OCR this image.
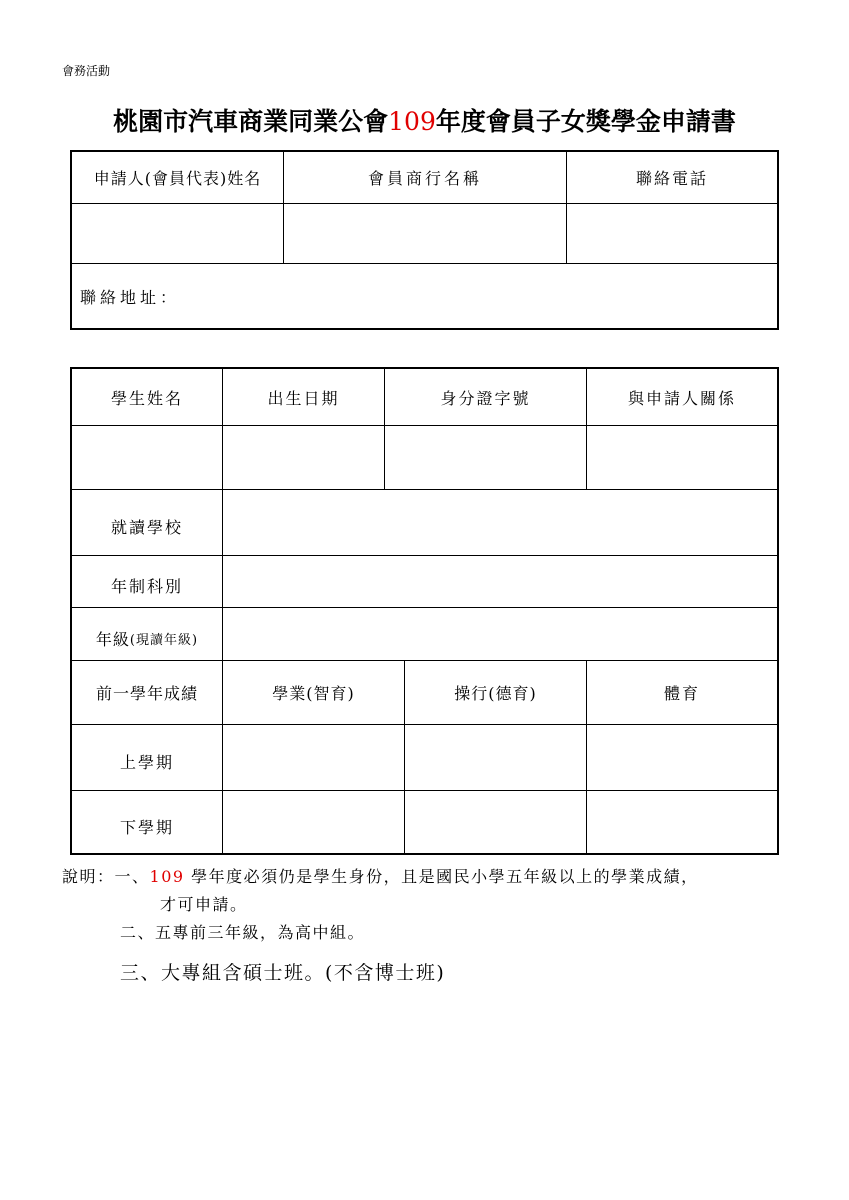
會務活動
桃園市汽車商業同業公會109年度會員子女獎學金申請書
申請人(會員代表)姓名	會員商行名稱	聯絡電話
聯絡地址：
學生姓名	出生日期	身分證字號	與申請人關係
就讀學校
年制科別
年級 (現讀年級)
前一學年成績	學業(智育)	操行(德育)	體育
上學期
下學期
說明：一、109 學年度必須仍是學生身份，且是國民小學五年級以上的學業成績，
才可申請。
二、五專前三年級，為高中組。
三、大專組含碩士班。(不含博士班)
